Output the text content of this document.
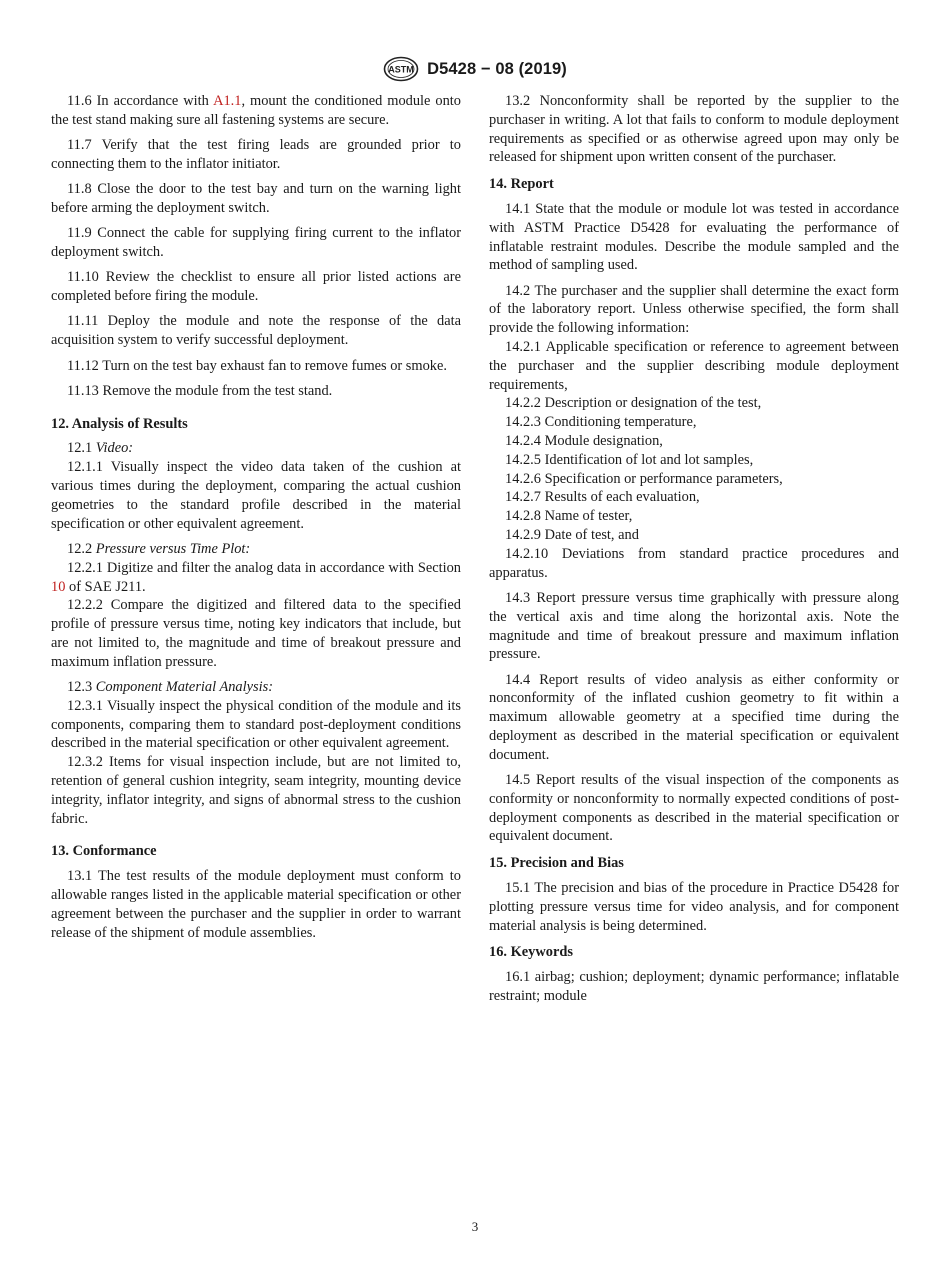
ASTM D5428 − 08 (2019)

11.6 In accordance with A1.1, mount the conditioned module onto the test stand making sure all fastening systems are secure.

11.7 Verify that the test firing leads are grounded prior to connecting them to the inflator initiator.

11.8 Close the door to the test bay and turn on the warning light before arming the deployment switch.

11.9 Connect the cable for supplying firing current to the inflator deployment switch.

11.10 Review the checklist to ensure all prior listed actions are completed before firing the module.

11.11 Deploy the module and note the response of the data acquisition system to verify successful deployment.

11.12 Turn on the test bay exhaust fan to remove fumes or smoke.

11.13 Remove the module from the test stand.

12. Analysis of Results

12.1 Video:

12.1.1 Visually inspect the video data taken of the cushion at various times during the deployment, comparing the actual cushion geometries to the standard profile described in the material specification or other equivalent agreement.

12.2 Pressure versus Time Plot:

12.2.1 Digitize and filter the analog data in accordance with Section 10 of SAE J211.

12.2.2 Compare the digitized and filtered data to the specified profile of pressure versus time, noting key indicators that include, but are not limited to, the magnitude and time of breakout pressure and maximum inflation pressure.

12.3 Component Material Analysis:

12.3.1 Visually inspect the physical condition of the module and its components, comparing them to standard post-deployment conditions described in the material specification or other equivalent agreement.

12.3.2 Items for visual inspection include, but are not limited to, retention of general cushion integrity, seam integrity, mounting device integrity, inflator integrity, and signs of abnormal stress to the cushion fabric.

13. Conformance

13.1 The test results of the module deployment must conform to allowable ranges listed in the applicable material specification or other agreement between the purchaser and the supplier in order to warrant release of the shipment of module assemblies.

13.2 Nonconformity shall be reported by the supplier to the purchaser in writing. A lot that fails to conform to module deployment requirements as specified or as otherwise agreed upon may only be released for shipment upon written consent of the purchaser.

14. Report

14.1 State that the module or module lot was tested in accordance with ASTM Practice D5428 for evaluating the performance of inflatable restraint modules. Describe the module sampled and the method of sampling used.

14.2 The purchaser and the supplier shall determine the exact form of the laboratory report. Unless otherwise specified, the form shall provide the following information:

14.2.1 Applicable specification or reference to agreement between the purchaser and the supplier describing module deployment requirements,

14.2.2 Description or designation of the test,

14.2.3 Conditioning temperature,

14.2.4 Module designation,

14.2.5 Identification of lot and lot samples,

14.2.6 Specification or performance parameters,

14.2.7 Results of each evaluation,

14.2.8 Name of tester,

14.2.9 Date of test, and

14.2.10 Deviations from standard practice procedures and apparatus.

14.3 Report pressure versus time graphically with pressure along the vertical axis and time along the horizontal axis. Note the magnitude and time of breakout pressure and maximum inflation pressure.

14.4 Report results of video analysis as either conformity or nonconformity of the inflated cushion geometry to fit within a maximum allowable geometry at a specified time during the deployment as described in the material specification or equivalent document.

14.5 Report results of the visual inspection of the components as conformity or nonconformity to normally expected conditions of post-deployment components as described in the material specification or equivalent document.

15. Precision and Bias

15.1 The precision and bias of the procedure in Practice D5428 for plotting pressure versus time for video analysis, and for component material analysis is being determined.

16. Keywords

16.1 airbag; cushion; deployment; dynamic performance; inflatable restraint; module

3
